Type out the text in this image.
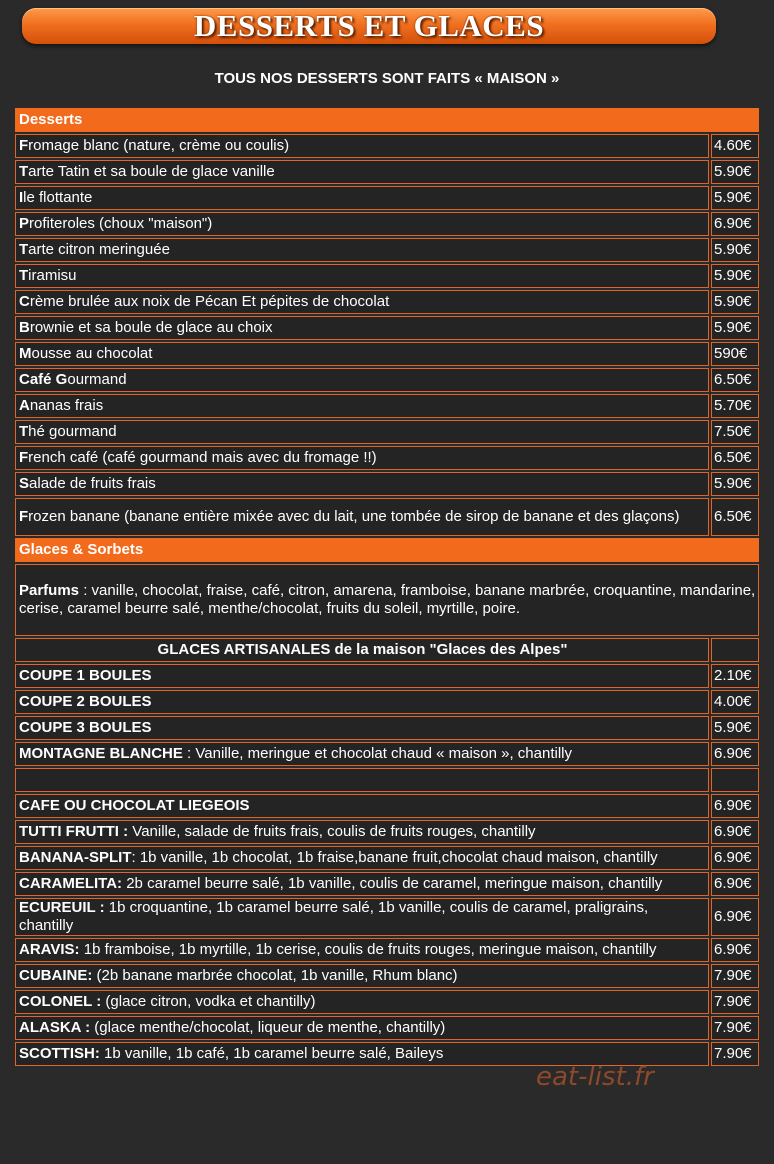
DESSERTS ET GLACES
TOUS NOS DESSERTS SONT FAITS « MAISON »
Desserts	
Fromage blanc (nature, crème ou coulis)	4.60€
Tarte Tatin et sa boule de glace vanille	5.90€
Ile flottante	5.90€
Profiteroles (choux "maison")	6.90€
Tarte citron meringuée	5.90€
Tiramisu	5.90€
Crème brulée aux noix de Pécan Et pépites de chocolat	5.90€
Brownie et sa boule de glace au choix	5.90€
Mousse au chocolat	590€
Café Gourmand	6.50€
Ananas frais	5.70€
Thé gourmand	7.50€
French café (café gourmand mais avec du fromage !!)	6.50€
Salade de fruits frais	5.90€
Frozen banane (banane entière mixée avec du lait, une tombée de sirop de banane et des glaçons)	6.50€
Glaces & Sorbets	
Parfums : vanille, chocolat, fraise, café, citron, amarena, framboise, banane marbrée, croquantine, mandarine, cerise, caramel beurre salé, menthe/chocolat, fruits du soleil, myrtille, poire.	
GLACES ARTISANALES de la maison "Glaces des Alpes"	
COUPE 1 BOULES	2.10€
COUPE 2 BOULES	4.00€
COUPE 3 BOULES	5.90€
MONTAGNE BLANCHE : Vanille, meringue et chocolat chaud « maison », chantilly	6.90€

CAFE OU CHOCOLAT LIEGEOIS	6.90€
TUTTI FRUTTI : Vanille, salade de fruits frais, coulis de fruits rouges, chantilly	6.90€
BANANA-SPLIT: 1b vanille, 1b chocolat, 1b fraise,banane fruit,chocolat chaud maison, chantilly	6.90€
CARAMELITA: 2b caramel beurre salé, 1b vanille, coulis de caramel, meringue maison, chantilly	6.90€
ECUREUIL : 1b croquantine, 1b caramel beurre salé, 1b vanille, coulis de caramel, praligrains, chantilly	6.90€
ARAVIS: 1b framboise, 1b myrtille, 1b cerise, coulis de fruits rouges, meringue maison, chantilly	6.90€
CUBAINE: (2b banane marbrée chocolat, 1b vanille, Rhum blanc)	7.90€
COLONEL : (glace citron, vodka et chantilly)	7.90€
ALASKA : (glace menthe/chocolat, liqueur de menthe, chantilly)	7.90€
SCOTTISH: 1b vanille, 1b café, 1b caramel beurre salé, Baileys	7.90€
eat-list.fr
